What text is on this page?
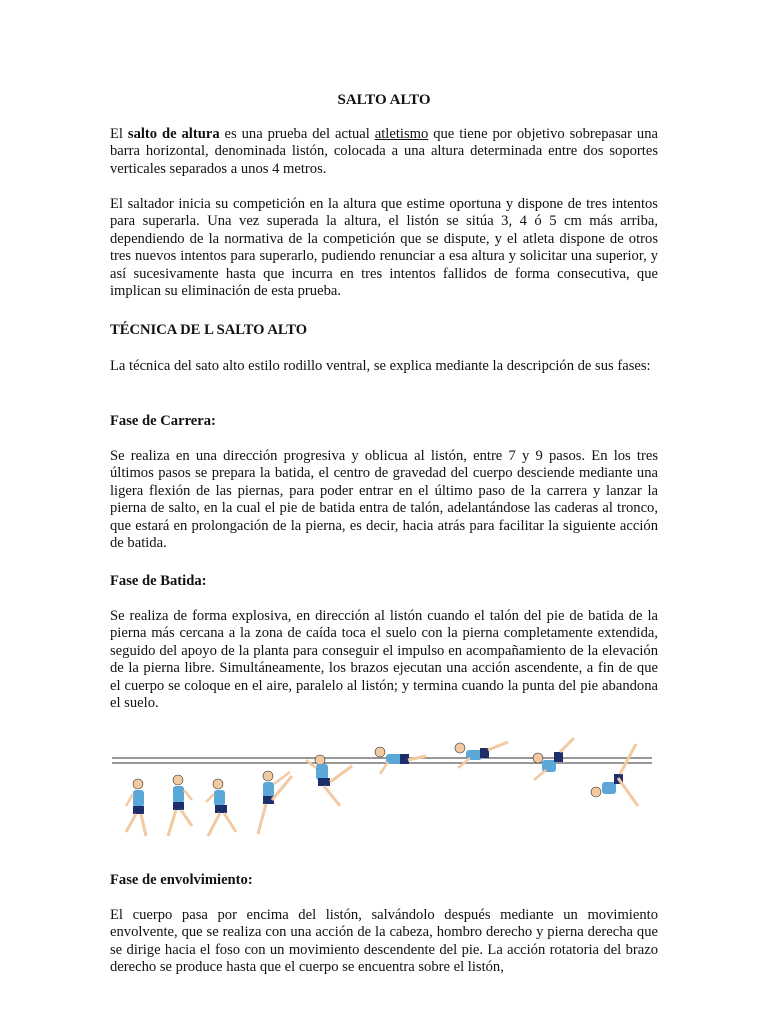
SALTO ALTO

El salto de altura es una prueba del actual atletismo que tiene por objetivo sobrepasar una barra horizontal, denominada listón, colocada a una altura determinada entre dos soportes verticales separados a unos 4 metros.

El saltador inicia su competición en la altura que estime oportuna y dispone de tres intentos para superarla. Una vez superada la altura, el listón se sitúa 3, 4 ó 5 cm más arriba, dependiendo de la normativa de la competición que se dispute, y el atleta dispone de otros tres nuevos intentos para superarlo, pudiendo renunciar a esa altura y solicitar una superior, y así sucesivamente hasta que incurra en tres intentos fallidos de forma consecutiva, que implican su eliminación de esta prueba.

TÉCNICA DE L SALTO ALTO

La técnica del sato alto estilo rodillo ventral, se explica mediante la descripción de sus fases:

Fase de Carrera:

Se realiza en una dirección progresiva y oblicua al listón, entre 7 y 9 pasos. En los tres últimos pasos se prepara la batida, el centro de gravedad del cuerpo desciende mediante una ligera flexión de las piernas, para poder entrar en el último paso de la carrera y lanzar la pierna de salto, en la cual el pie de batida entra de talón, adelantándose las caderas al tronco, que estará en prolongación de la pierna, es decir, hacia atrás para facilitar la siguiente acción de batida.

Fase de Batida:

Se realiza de forma explosiva, en dirección al listón cuando el talón del pie de batida de la pierna más cercana a la zona de caída toca el suelo con la pierna completamente extendida, seguido del apoyo de la planta para conseguir el impulso en acompañamiento de la elevación de la pierna libre. Simultáneamente, los brazos ejecutan una acción ascendente, a fin de que el cuerpo se coloque en el aire, paralelo al listón; y termina cuando la punta del pie abandona el suelo.

Fase de envolvimiento:

El cuerpo pasa por encima del listón, salvándolo después mediante un movimiento envolvente, que se realiza con una acción de la cabeza, hombro derecho y pierna derecha que se dirige hacia el foso con un movimiento descendente del pie. La acción rotatoria del brazo derecho se produce hasta que el cuerpo se encuentra sobre el listón,
